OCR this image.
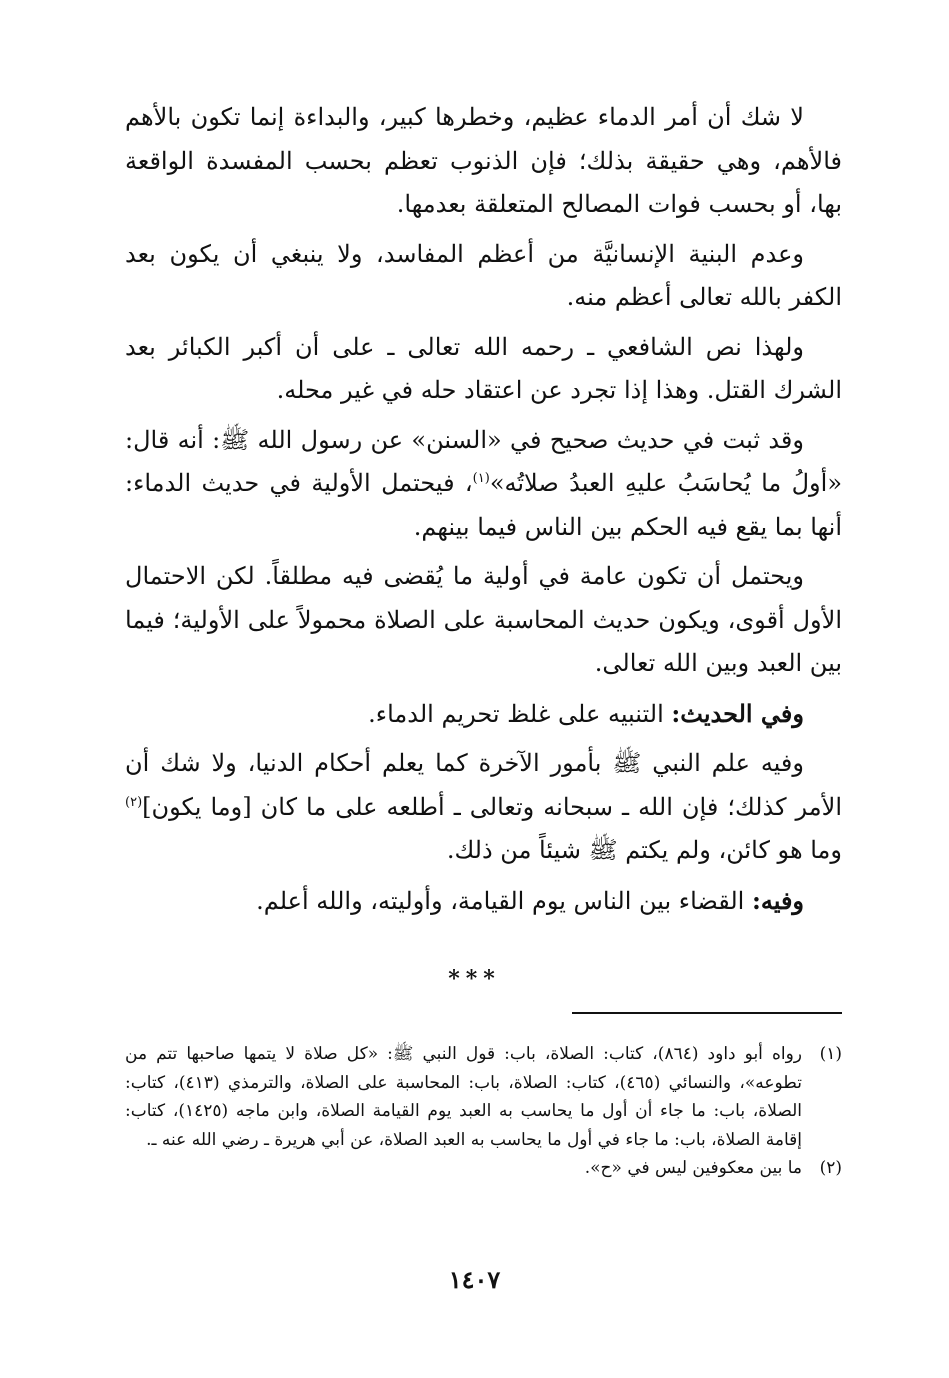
لا شك أن أمر الدماء عظيم، وخطرها كبير، والبداءة إنما تكون بالأهم فالأهم، وهي حقيقة بذلك؛ فإن الذنوب تعظم بحسب المفسدة الواقعة بها، أو بحسب فوات المصالح المتعلقة بعدمها.

وعدم البنية الإنسانيَّة من أعظم المفاسد، ولا ينبغي أن يكون بعد الكفر بالله تعالى أعظم منه.

ولهذا نص الشافعي ـ رحمه الله تعالى ـ على أن أكبر الكبائر بعد الشرك القتل. وهذا إذا تجرد عن اعتقاد حله في غير محله.

وقد ثبت في حديث صحيح في «السنن» عن رسول الله ﷺ: أنه قال: «أولُ ما يُحاسَبُ عليهِ العبدُ صلاتُه»$^{(١)}$، فيحتمل الأولية في حديث الدماء: أنها بما يقع فيه الحكم بين الناس فيما بينهم.

ويحتمل أن تكون عامة في أولية ما يُقضى فيه مطلقاً. لكن الاحتمال الأول أقوى، ويكون حديث المحاسبة على الصلاة محمولاً على الأولية؛ فيما بين العبد وبين الله تعالى.

وفي الحديث: التنبيه على غلظ تحريم الدماء.

وفيه علم النبي ﷺ بأمور الآخرة كما يعلم أحكام الدنيا، ولا شك أن الأمر كذلك؛ فإن الله ـ سبحانه وتعالى ـ أطلعه على ما كان [وما يكون]$^{(٢)}$ وما هو كائن، ولم يكتم ﷺ شيئاً من ذلك.

وفيه: القضاء بين الناس يوم القيامة، وأوليته، والله أعلم.

***
(١)
رواه أبو داود (٨٦٤)، كتاب: الصلاة، باب: قول النبي ﷺ: «كل صلاة لا يتمها صاحبها تتم من تطوعه»، والنسائي (٤٦٥)، كتاب: الصلاة، باب: المحاسبة على الصلاة، والترمذي (٤١٣)، كتاب: الصلاة، باب: ما جاء أن أول ما يحاسب به العبد يوم القيامة الصلاة، وابن ماجه (١٤٢٥)، كتاب: إقامة الصلاة، باب: ما جاء في أول ما يحاسب به العبد الصلاة، عن أبي هريرة ـ رضي الله عنه ـ.
(٢)
ما بين معكوفين ليس في «ح».
١٤٠٧
